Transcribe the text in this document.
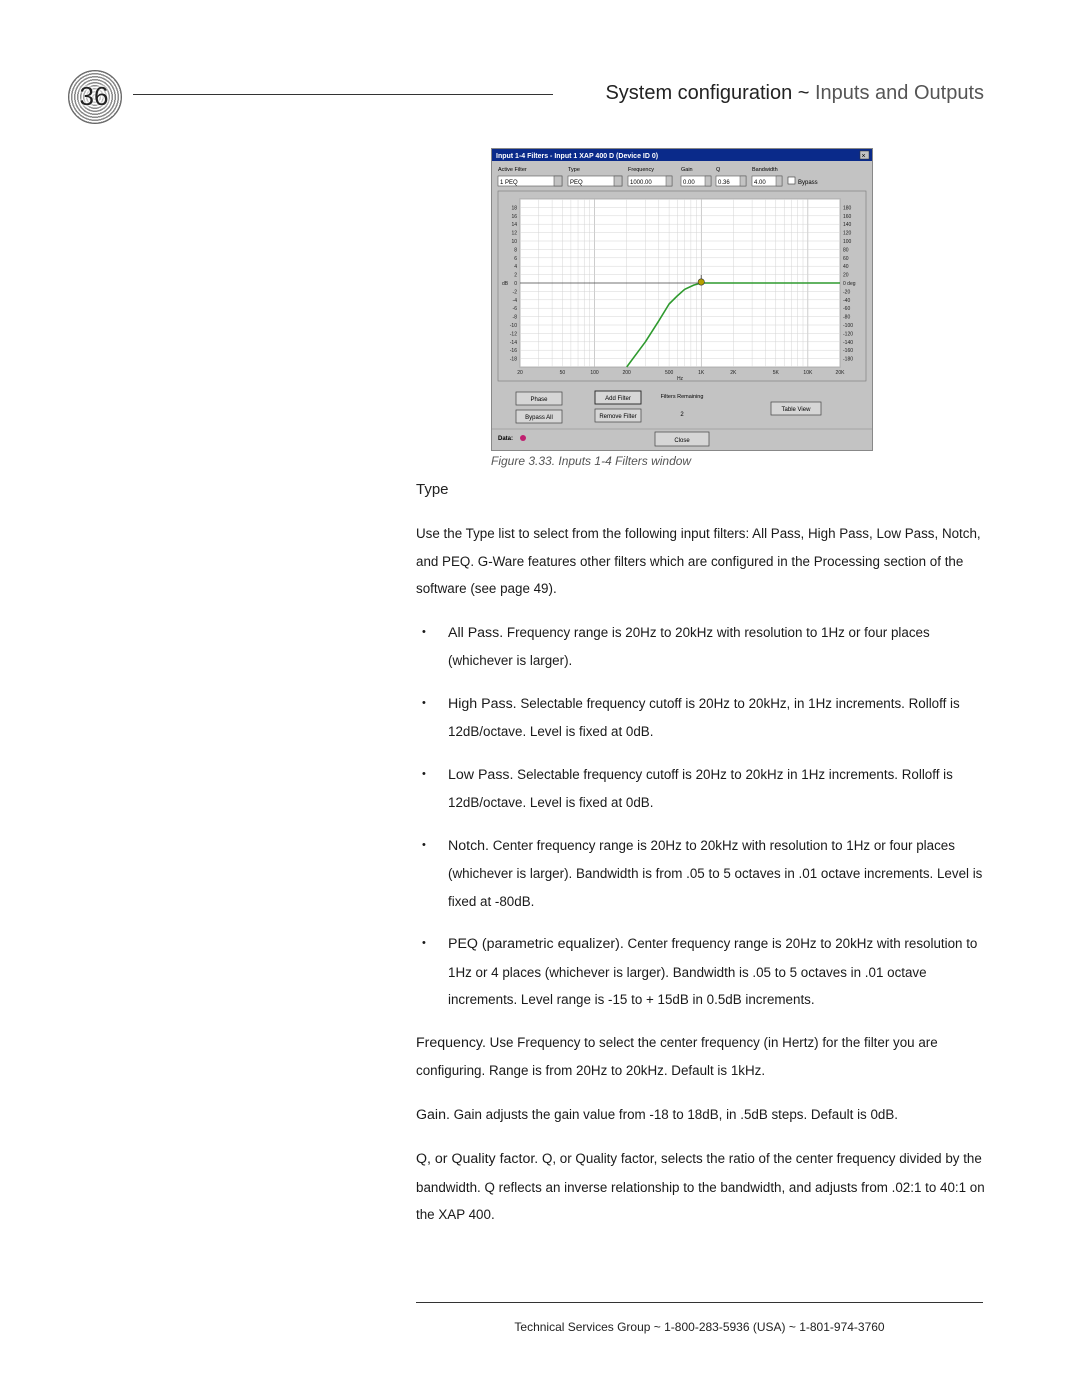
36	System configuration ~ Inputs and Outputs
Input 1-4 Filters - Input 1 XAP 400 D (Device ID 0)	×
Active Filter	Type	Frequency	Gain	Q	Bandwidth
1 PEQ	PEQ	1000.00	0.00	0.36	4.00	Bypass
18
16
14
12
10
8
6
4
2
0
-2
-4
-6
-8
-10
-12
-14
-16
-18
180
160
140
120
100
80
60
40
20
0 deg
-20
-40
-60
-80
-100
-120
-140
-160
-180
20	50	100	200	500	1K	2K	5K	10K	20K
Hz
dB
Phase
Bypass All
Add Filter
Remove Filter
Filters Remaining
2
Table View
Data:	Close
Figure 3.33. Inputs 1-4 Filters window
Type

Use the Type list to select from the following input filters: All Pass, High Pass, Low Pass, Notch, and PEQ. G-Ware features other filters which are configured in the Processing section of the software (see page 49).

• All Pass. Frequency range is 20Hz to 20kHz with resolution to 1Hz or four places (whichever is larger).
• High Pass. Selectable frequency cutoff is 20Hz to 20kHz, in 1Hz increments. Rolloff is 12dB/octave. Level is fixed at 0dB.
• Low Pass. Selectable frequency cutoff is 20Hz to 20kHz in 1Hz increments. Rolloff is 12dB/octave. Level is fixed at 0dB.
• Notch. Center frequency range is 20Hz to 20kHz with resolution to 1Hz or four places (whichever is larger). Bandwidth is from .05 to 5 octaves in .01 octave increments. Level is fixed at -80dB.
• PEQ (parametric equalizer). Center frequency range is 20Hz to 20kHz with resolution to 1Hz or 4 places (whichever is larger). Bandwidth is .05 to 5 octaves in .01 octave increments. Level range is -15 to + 15dB in 0.5dB increments.

Frequency. Use Frequency to select the center frequency (in Hertz) for the filter you are configuring. Range is from 20Hz to 20kHz. Default is 1kHz.

Gain. Gain adjusts the gain value from -18 to 18dB, in .5dB steps. Default is 0dB.

Q, or Quality factor. Q, or Quality factor, selects the ratio of the center frequency divided by the bandwidth. Q reflects an inverse relationship to the bandwidth, and adjusts from .02:1 to 40:1 on the XAP 400.

Technical Services Group ~ 1-800-283-5936 (USA) ~ 1-801-974-3760
